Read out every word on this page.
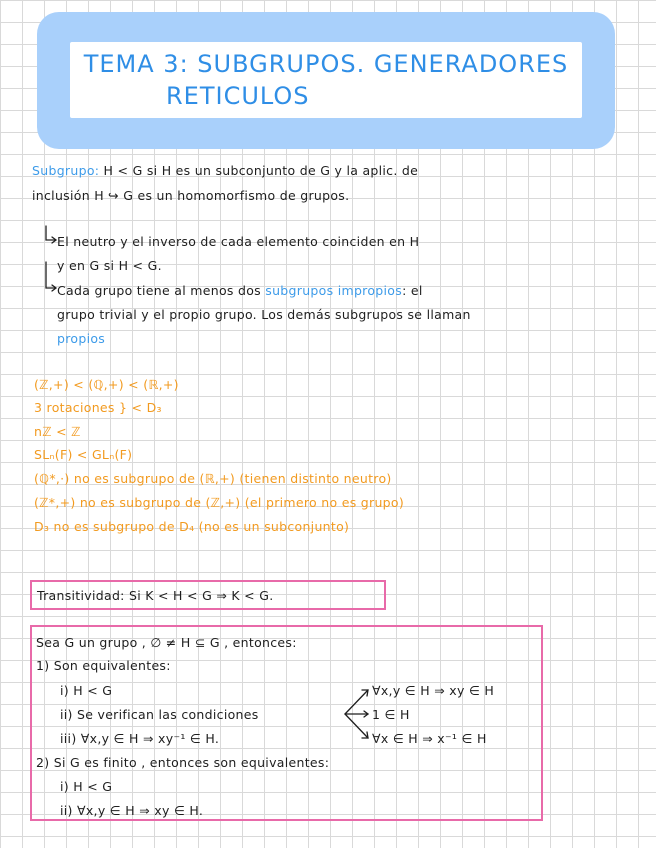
TEMA 3: SUBGRUPOS. GENERADORES
RETICULOS
Subgrupo: H < G si H es un subconjunto de G y la aplic. de
inclusión H ↪ G es un homomorfismo de grupos.
El neutro y el inverso de cada elemento coinciden en H
y en G si H < G.
Cada grupo tiene al menos dos subgrupos impropios: el
grupo trivial y el propio grupo. Los demás subgrupos se llaman
propios
(ℤ,+) < (ℚ,+) < (ℝ,+)
3 rotaciones } < D₃
nℤ < ℤ
SLₙ(F) < GLₙ(F)
(ℚ*,·) no es subgrupo de (ℝ,+) (tienen distinto neutro)
(ℤ*,+) no es subgrupo de (ℤ,+) (el primero no es grupo)
D₃ no es subgrupo de D₄ (no es un subconjunto)
Transitividad: Si K < H < G ⇒ K < G.
Sea G un grupo , ∅ ≠ H ⊆ G , entonces:
1) Son equivalentes:
i) H < G
ii) Se verifican las condiciones
iii) ∀x,y ∈ H ⇒ xy⁻¹ ∈ H.
∀x,y ∈ H ⇒ xy ∈ H
1 ∈ H
∀x ∈ H ⇒ x⁻¹ ∈ H
2) Si G es finito , entonces son equivalentes:
i) H < G
ii) ∀x,y ∈ H ⇒ xy ∈ H.
